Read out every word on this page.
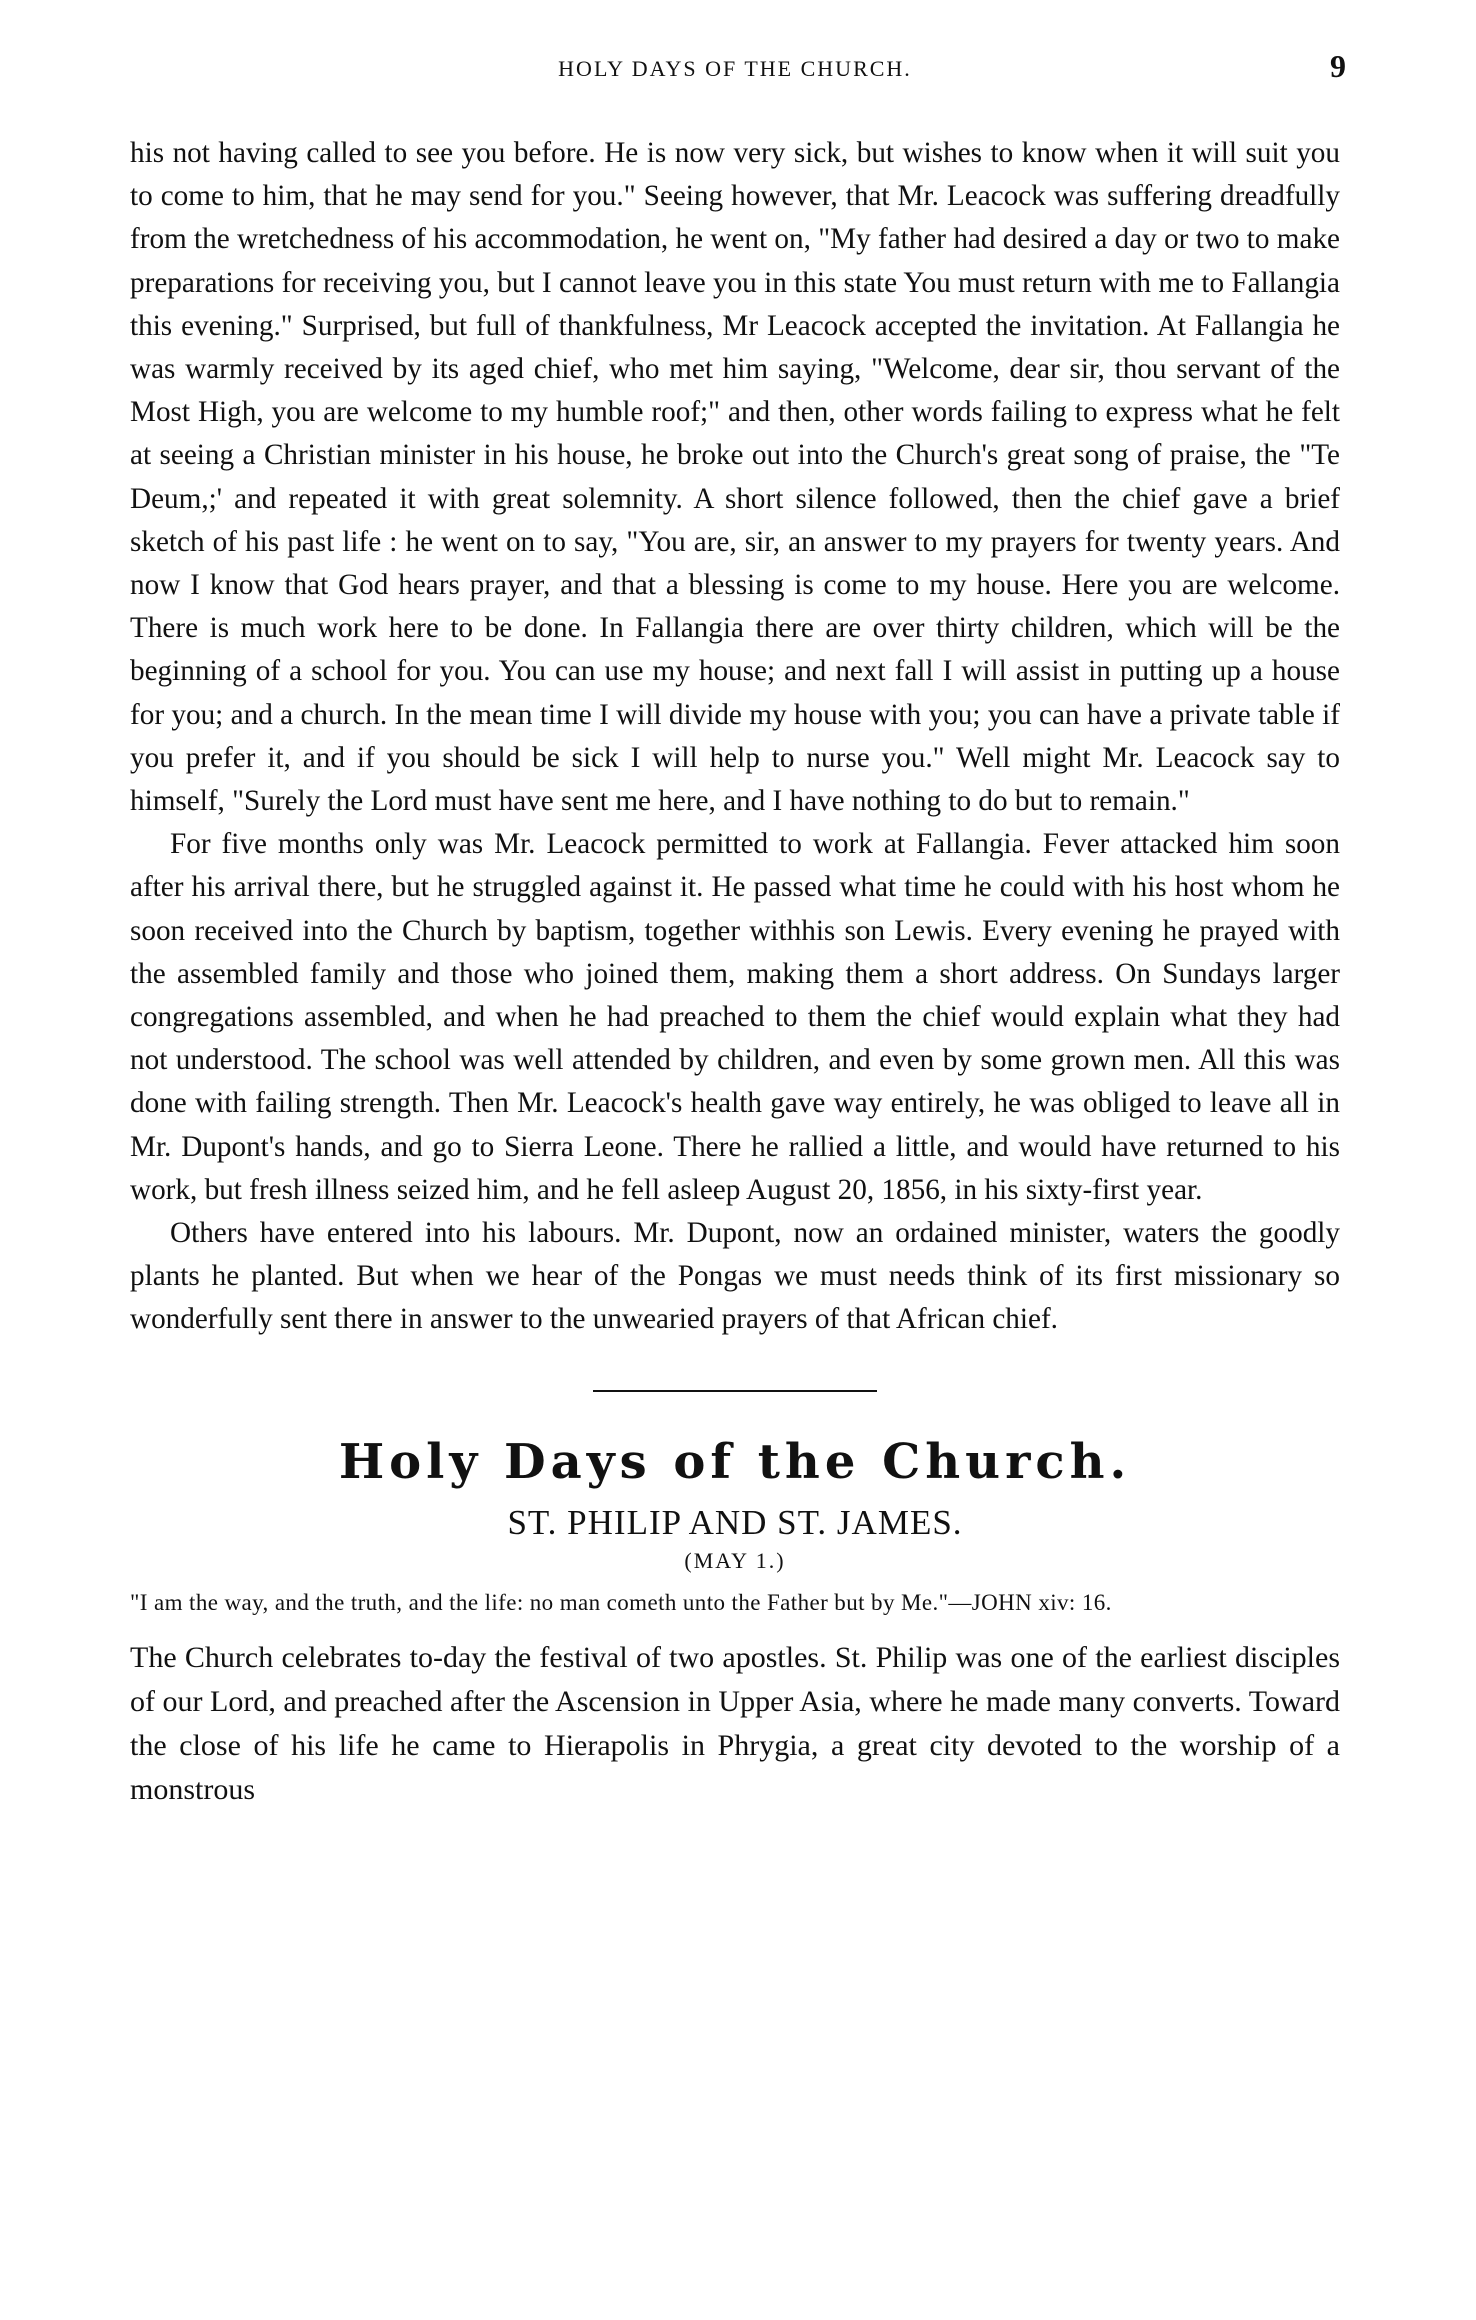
HOLY DAYS OF THE CHURCH.	9

his not having called to see you before. He is now very sick, but wishes to know when it will suit you to come to him, that he may send for you." Seeing however, that Mr. Leacock was suffering dreadfully from the wretchedness of his accommodation, he went on, "My father had desired a day or two to make preparations for receiving you, but I cannot leave you in this state You must return with me to Fallangia this evening." Surprised, but full of thankfulness, Mr Leacock accepted the invitation. At Fallangia he was warmly received by its aged chief, who met him saying, "Welcome, dear sir, thou servant of the Most High, you are welcome to my humble roof;" and then, other words failing to express what he felt at seeing a Christian minister in his house, he broke out into the Church's great song of praise, the "Te Deum,;' and repeated it with great solemnity. A short silence followed, then the chief gave a brief sketch of his past life : he went on to say, "You are, sir, an answer to my prayers for twenty years. And now I know that God hears prayer, and that a blessing is come to my house. Here you are welcome. There is much work here to be done. In Fallangia there are over thirty children, which will be the beginning of a school for you. You can use my house; and next fall I will assist in putting up a house for you; and a church. In the mean time I will divide my house with you; you can have a private table if you prefer it, and if you should be sick I will help to nurse you." Well might Mr. Leacock say to himself, "Surely the Lord must have sent me here, and I have nothing to do but to remain."

For five months only was Mr. Leacock permitted to work at Fallangia. Fever attacked him soon after his arrival there, but he struggled against it. He passed what time he could with his host whom he soon received into the Church by baptism, together withhis son Lewis. Every evening he prayed with the assembled family and those who joined them, making them a short address. On Sundays larger congregations assembled, and when he had preached to them the chief would explain what they had not understood. The school was well attended by children, and even by some grown men. All this was done with failing strength. Then Mr. Leacock's health gave way entirely, he was obliged to leave all in Mr. Dupont's hands, and go to Sierra Leone. There he rallied a little, and would have returned to his work, but fresh illness seized him, and he fell asleep August 20, 1856, in his sixty-first year.

Others have entered into his labours. Mr. Dupont, now an ordained minister, waters the goodly plants he planted. But when we hear of the Pongas we must needs think of its first missionary so wonderfully sent there in answer to the unwearied prayers of that African chief.

Holy Days of the Church.
ST. PHILIP AND ST. JAMES.
(MAY 1.)
"I am the way, and the truth, and the life: no man cometh unto the Father but by Me."—JOHN xiv: 16.

The Church celebrates to-day the festival of two apostles. St. Philip was one of the earliest disciples of our Lord, and preached after the Ascension in Upper Asia, where he made many converts. Toward the close of his life he came to Hierapolis in Phrygia, a great city devoted to the worship of a monstrous
